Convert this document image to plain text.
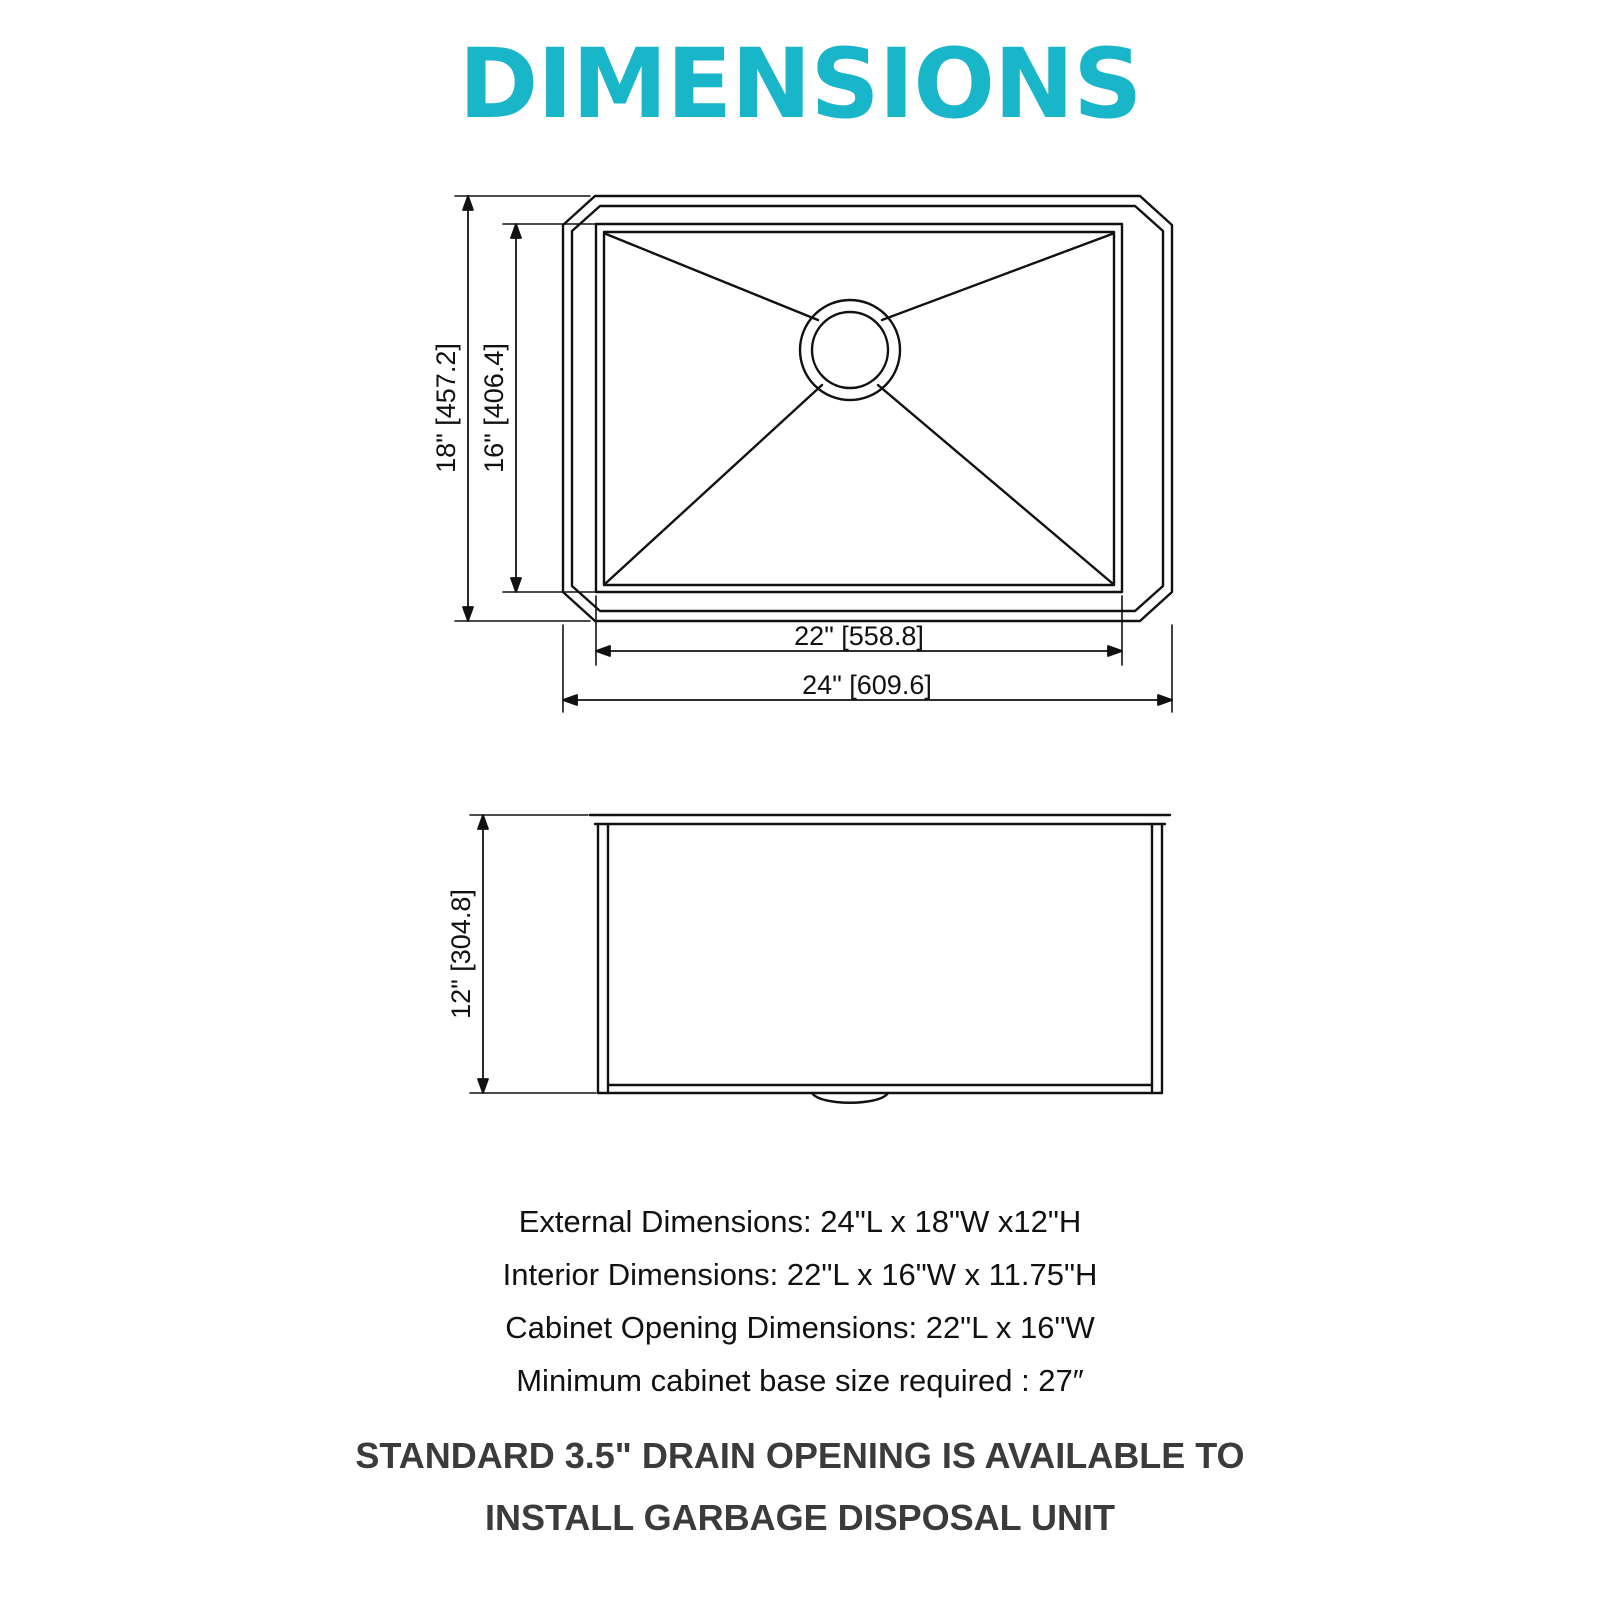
DIMENSIONS
18" [457.2] 16" [406.4]
22" [558.8]
24" [609.6]
12" [304.8]
External Dimensions: 24"L x 18"W x12"H
Interior Dimensions: 22"L x 16"W x 11.75"H
Cabinet Opening Dimensions: 22"L x 16"W
Minimum cabinet base size required : 27″
STANDARD 3.5" DRAIN OPENING IS AVAILABLE TO
INSTALL GARBAGE DISPOSAL UNIT
